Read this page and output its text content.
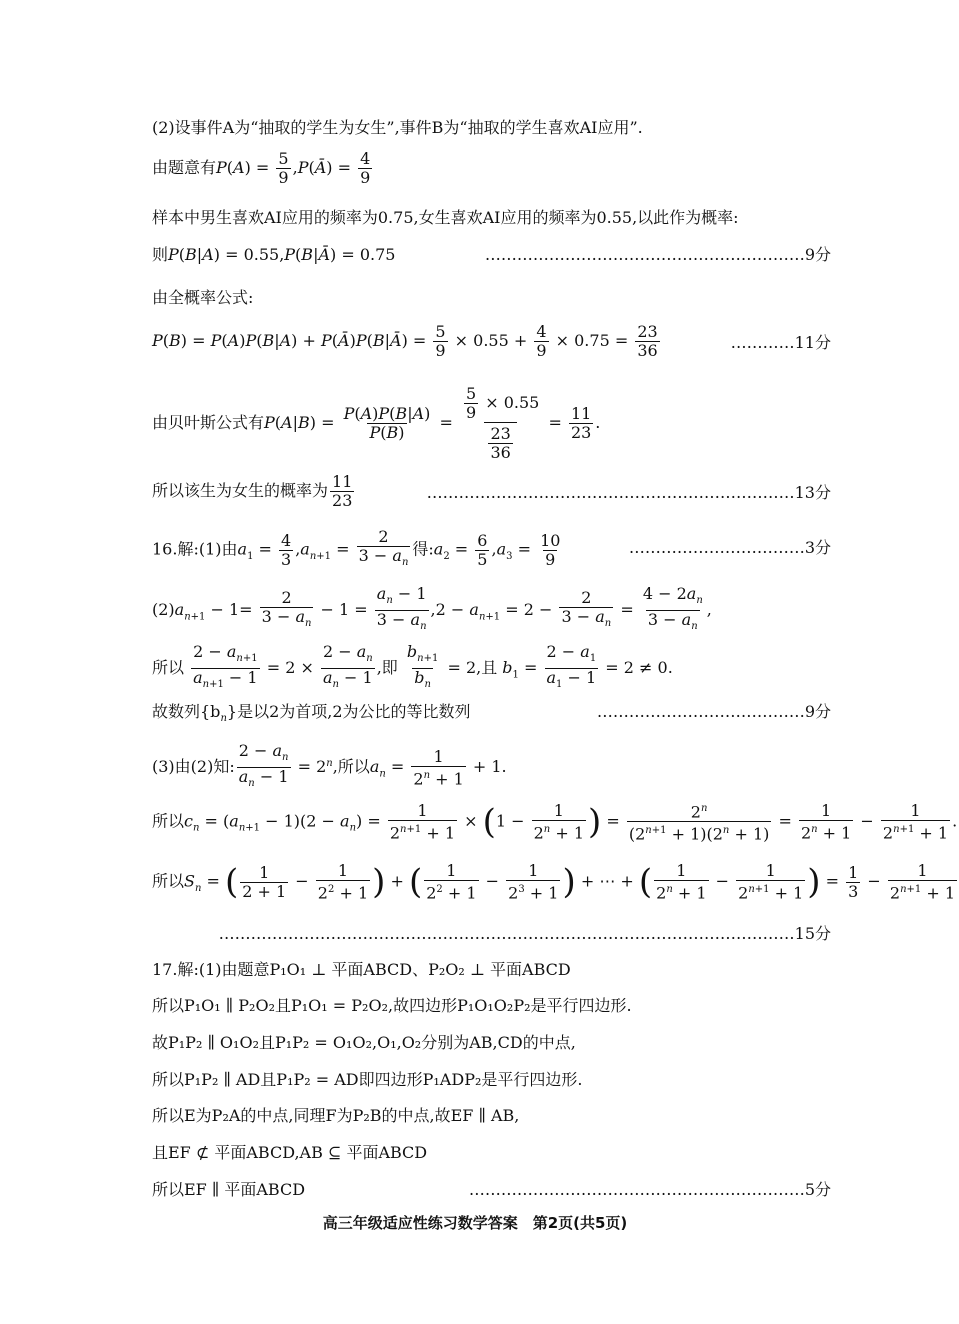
(2)设事件A为“抽取的学生为女生”,事件B为“抽取的学生喜欢AI应用”.
由题意有$P(A) = \frac{5}{9}$ ,P(Ā) = $\frac{4}{9}$
样本中男生喜欢AI应用的频率为0.75,女生喜欢AI应用的频率为0.55,以此作为概率:
则P(B|A) = 0.55,P(B|Ā) = 0.75	……………………………………………………9分
由全概率公式:
P(B) = P(A)P(B|A) + P(Ā)P(B|Ā) = $\frac{5}{9} \times 0.55 + \frac{4}{9} \times 0.75 = \frac{23}{36}$	…………11分
由贝叶斯公式有$P(A|B) = \frac{P(A)P(B|A)}{P(B)} = \frac{\frac{5}{9} \times 0.55}{\frac{23}{36}} = \frac{11}{23}$ .
所以该生为女生的概率为 $\frac{11}{23}$	……………………………………………………………13分
16.解:(1)由$a_1 = \frac{4}{3} ,a_{n+1} = \frac{2}{3 - a_n}$ 得$:a_2 = \frac{6}{5} ,a_3 = \frac{10}{9}$	……………………………3分
$(2)a_{n+1} - 1= \frac{2}{3 - a_n} - 1 = \frac{a_n - 1}{3 - a_n} ,2 - a_{n+1} = 2 - \frac{2}{3 - a_n} = \frac{4 - 2a_n}{3 - a_n}$ ,
所以 $\frac{2 - a_{n+1}}{a_{n+1} - 1} = 2 \times \frac{2 - a_n}{a_n - 1}$ ,即 $\frac{b_{n+1}}{b_n} = 2$,且 $b_1 = \frac{2 - a_1}{a_1 - 1} = 2 \ne 0$.
故数列$\{b_n\}$是以2为首项,2为公比的等比数列	…………………………………9分
(3)由(2)知: $\frac{2 - a_n}{a_n - 1} = 2^n$,所以$a_n = \frac{1}{2^n + 1} + 1$.
所以$c_n = (a_{n+1} - 1)(2 - a_n) = \frac{1}{2^{n+1} + 1} \times (1 - \frac{1}{2^n + 1}$ ) = $\frac{2^n}{(2^{n+1} + 1)(2^n + 1)} = \frac{1}{2^n + 1} - \frac{1}{2^{n+1} + 1}$ .
所以$S_n$ = ( $\frac{1}{2 + 1} - \frac{1}{2^2 + 1}$ ) + ( $\frac{1}{2^2 + 1} - \frac{1}{2^3 + 1}$ ) + ⋯ + ( $\frac{1}{2^n + 1} - \frac{1}{2^{n+1} + 1}$ ) = $\frac{1}{3} - \frac{1}{2^{n+1} + 1}$
………………………………………………………………………………………………15分
17.解:(1)由题意P₁O₁ ⊥ 平面ABCD、P₂O₂ ⊥ 平面ABCD
所以P₁O₁ ∥ P₂O₂且P₁O₁ = P₂O₂,故四边形P₁O₁O₂P₂是平行四边形.
故P₁P₂ ∥ O₁O₂且P₁P₂ = O₁O₂,O₁,O₂分别为AB,CD的中点,
所以P₁P₂ ∥ AD且P₁P₂ = AD即四边形P₁ADP₂是平行四边形.
所以E为P₂A的中点,同理F为P₂B的中点,故EF ∥ AB,
且EF ⊄ 平面ABCD,AB ⊆ 平面ABCD
所以EF ∥ 平面ABCD	………………………………………………………5分
高三年级适应性练习数学答案　第2页(共5页)
